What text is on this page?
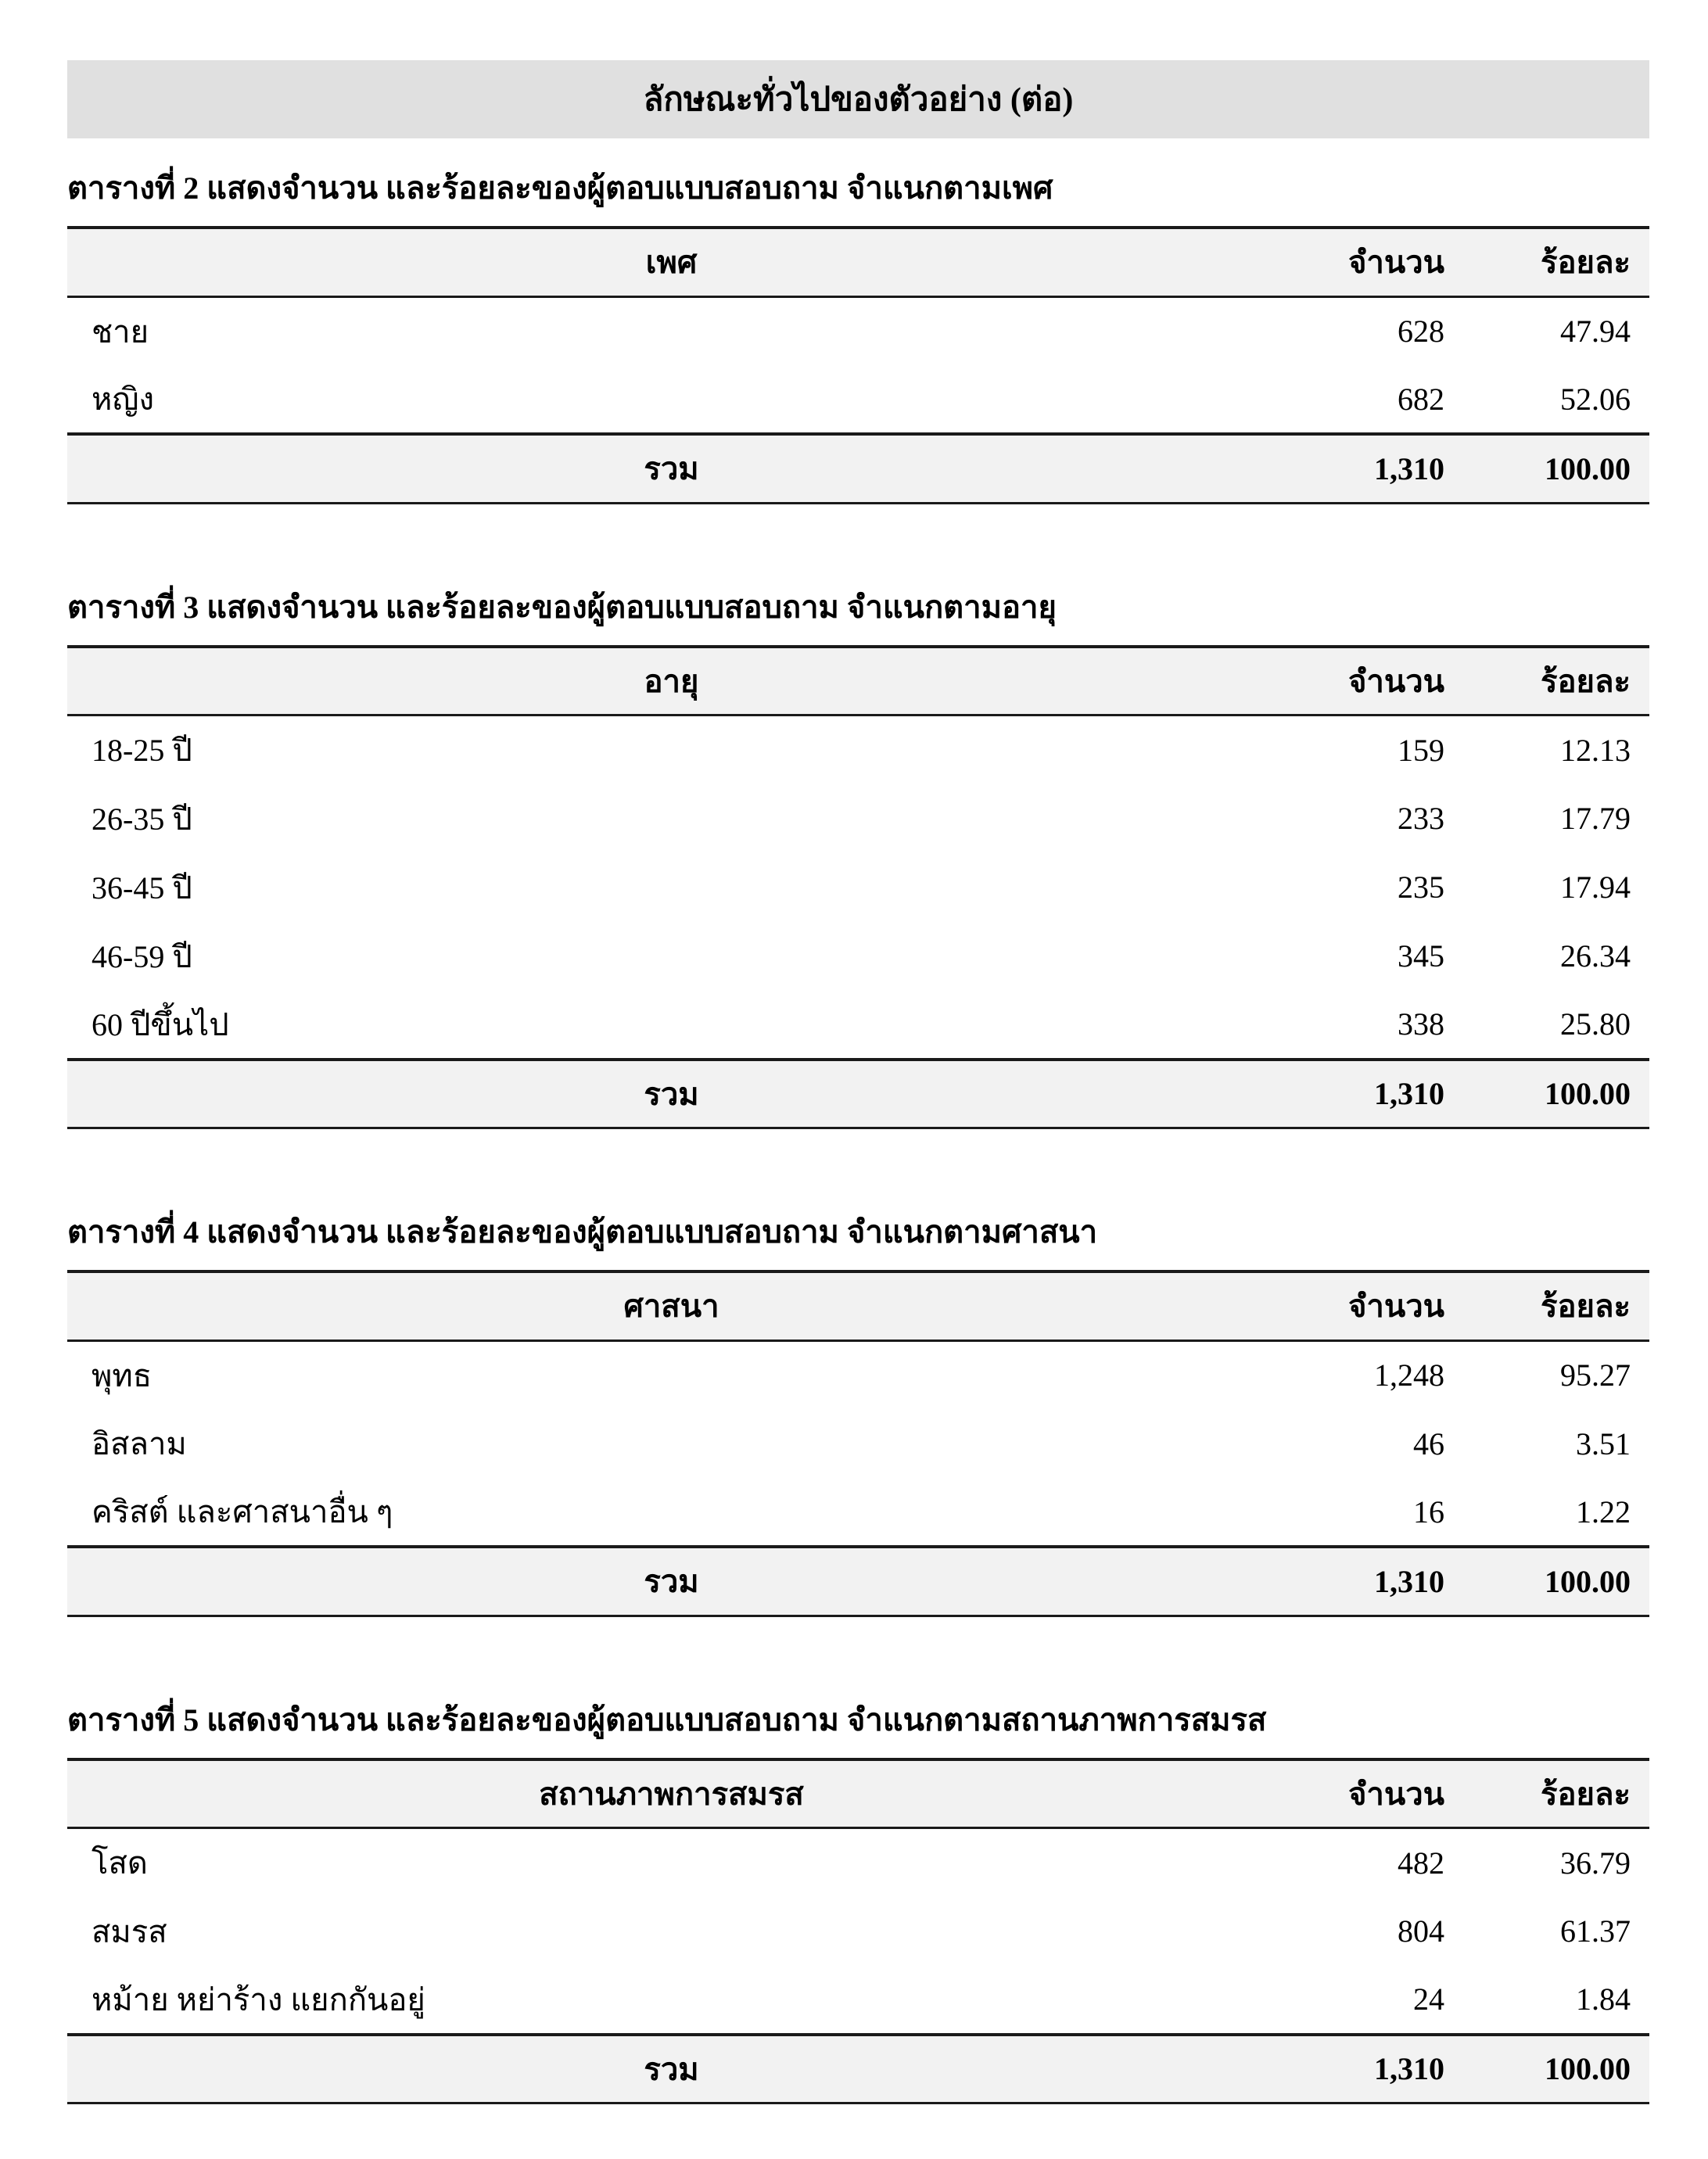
ลักษณะทั่วไปของตัวอย่าง (ต่อ)
ตารางที่ 2 แสดงจำนวน และร้อยละของผู้ตอบแบบสอบถาม จำแนกตามเพศ
เพศ	จำนวน	ร้อยละ
ชาย	628	47.94
หญิง	682	52.06
รวม	1,310	100.00
ตารางที่ 3 แสดงจำนวน และร้อยละของผู้ตอบแบบสอบถาม จำแนกตามอายุ
อายุ	จำนวน	ร้อยละ
18-25 ปี	159	12.13
26-35 ปี	233	17.79
36-45 ปี	235	17.94
46-59 ปี	345	26.34
60 ปีขึ้นไป	338	25.80
รวม	1,310	100.00
ตารางที่ 4 แสดงจำนวน และร้อยละของผู้ตอบแบบสอบถาม จำแนกตามศาสนา
ศาสนา	จำนวน	ร้อยละ
พุทธ	1,248	95.27
อิสลาม	46	3.51
คริสต์ และศาสนาอื่น ๆ	16	1.22
รวม	1,310	100.00
ตารางที่ 5 แสดงจำนวน และร้อยละของผู้ตอบแบบสอบถาม จำแนกตามสถานภาพการสมรส
สถานภาพการสมรส	จำนวน	ร้อยละ
โสด	482	36.79
สมรส	804	61.37
หม้าย หย่าร้าง แยกกันอยู่	24	1.84
รวม	1,310	100.00
